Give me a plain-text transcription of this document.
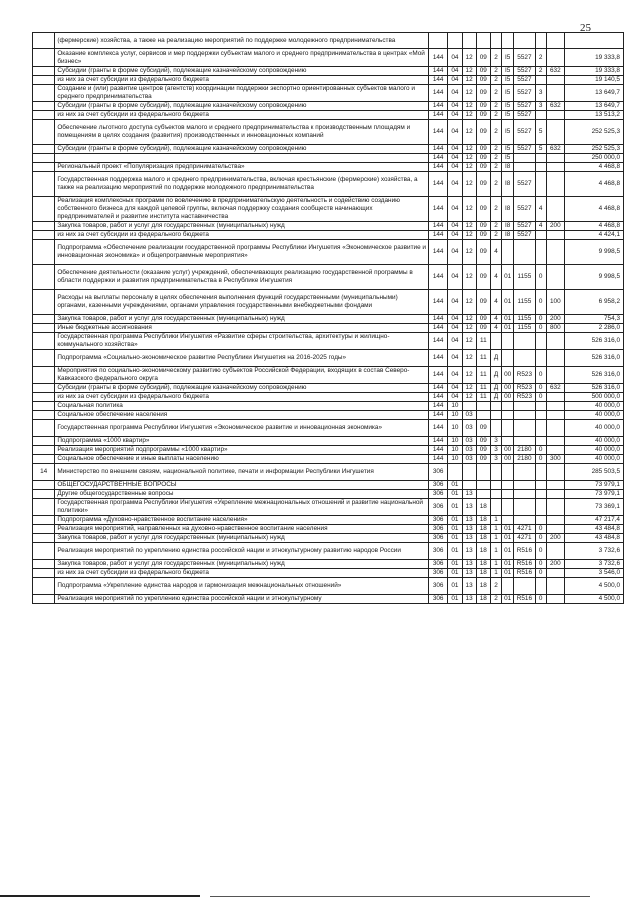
25
	(фермерские) хозяйства, а также на реализацию мероприятий по поддержке молодежного предпринимательства										
	Оказание комплекса услуг, сервисов и мер поддержки субъектам малого и среднего предпринимательства в центрах «Мой бизнес»	144	04	12	09	2	I5	5527	2		19 333,8
	Субсидии (гранты в форме субсидий), подлежащие казначейскому сопровождению	144	04	12	09	2	I5	5527	2	632	19 333,8
	из них за счет субсидии из федерального бюджета	144	04	12	09	2	I5	5527			19 140,5
	Создание и (или) развитие центров (агентств) координации поддержки экспортно ориентированных субъектов малого и среднего предпринимательства	144	04	12	09	2	I5	5527	3		13 649,7
	Субсидии (гранты в форме субсидий), подлежащие казначейскому сопровождению	144	04	12	09	2	I5	5527	3	632	13 649,7
	из них за счет субсидии из федерального бюджета	144	04	12	09	2	I5	5527			13 513,2
	Обеспечение льготного доступа субъектов малого и среднего предпринимательства к производственным площадям и помещениям в целях создания (развития) производственных и инновационных компаний	144	04	12	09	2	I5	5527	5		252 525,3
	Субсидии (гранты в форме субсидий), подлежащие казначейскому сопровождению	144	04	12	09	2	I5	5527	5	632	252 525,3
		144	04	12	09	2	I5				250 000,0
	Региональный проект «Популяризация предпринимательства»	144	04	12	09	2	I8				4 468,8
	Государственная поддержка малого и среднего предпринимательства, включая крестьянские (фермерские) хозяйства, а также на реализацию мероприятий по поддержке молодежного предпринимательства	144	04	12	09	2	I8	5527			4 468,8
	Реализация комплексных программ по вовлечению в предпринимательскую деятельность и содействию созданию собственного бизнеса для каждой целевой группы, включая поддержку создания сообществ начинающих предпринимателей и развитие института наставничества	144	04	12	09	2	I8	5527	4		4 468,8
	Закупка товаров, работ и услуг для государственных (муниципальных) нужд	144	04	12	09	2	I8	5527	4	200	4 468,8
	из них за счет субсидии из федерального бюджета	144	04	12	09	2	I8	5527			4 424,1
	Подпрограмма «Обеспечение реализации государственной программы Республики Ингушетия «Экономическое развитие и инновационная экономика» и общепрограммные мероприятия»	144	04	12	09	4					9 998,5
	Обеспечение деятельности (оказание услуг) учреждений, обеспечивающих реализацию государственной программы в области поддержки и развития предпринимательства в Республике Ингушетия	144	04	12	09	4	01	1155	0		9 998,5
	Расходы на выплаты персоналу в целях обеспечения выполнения функций государственными (муниципальными) органами, казенными учреждениями, органами управления государственными внебюджетными фондами	144	04	12	09	4	01	1155	0	100	6 958,2
	Закупка товаров, работ и услуг для государственных (муниципальных) нужд	144	04	12	09	4	01	1155	0	200	754,3
	Иные бюджетные ассигнования	144	04	12	09	4	01	1155	0	800	2 286,0
	Государственная программа Республики Ингушетия «Развитие сферы строительства, архитектуры и жилищно-коммунального хозяйства»	144	04	12	11						526 316,0
	Подпрограмма «Социально-экономическое развитие Республики Ингушетия на 2016-2025 годы»	144	04	12	11	Д					526 316,0
	Мероприятия по социально-экономическому развитию субъектов Российской Федерации, входящих в состав Северо-Кавказского федерального округа	144	04	12	11	Д	00	R523	0		526 316,0
	Субсидии (гранты в форме субсидий), подлежащие казначейскому сопровождению	144	04	12	11	Д	00	R523	0	632	526 316,0
	из них за счет субсидии из федерального бюджета	144	04	12	11	Д	00	R523	0		500 000,0
	Социальная политика	144	10								40 000,0
	Социальное обеспечение населения	144	10	03							40 000,0
	Государственная программа Республики Ингушетия «Экономическое развитие и инновационная экономика»	144	10	03	09						40 000,0
	Подпрограмма «1000 квартир»	144	10	03	09	3					40 000,0
	Реализация мероприятий подпрограммы «1000 квартир»	144	10	03	09	3	00	2180	0		40 000,0
	Социальное обеспечение и иные выплаты населению	144	10	03	09	3	00	2180	0	300	40 000,0
14	Министерство по внешним связям, национальной политике, печати и информации Республики Ингушетия	306									285 503,5
	ОБЩЕГОСУДАРСТВЕННЫЕ ВОПРОСЫ	306	01								73 979,1
	Другие общегосударственные вопросы	306	01	13							73 979,1
	Государственная программа Республики Ингушетия «Укрепление межнациональных отношений и развитие национальной политики»	306	01	13	18						73 369,1
	Подпрограмма «Духовно-нравственное воспитание населения»	306	01	13	18	1					47 217,4
	Реализация мероприятий, направленных на духовно-нравственное воспитание населения	306	01	13	18	1	01	4271	0		43 484,8
	Закупка товаров, работ и услуг для государственных (муниципальных) нужд	306	01	13	18	1	01	4271	0	200	43 484,8
	Реализация мероприятий по укреплению единства российской нации и этнокультурному развитию народов России	306	01	13	18	1	01	R516	0		3 732,6
	Закупка товаров, работ и услуг для государственных (муниципальных) нужд	306	01	13	18	1	01	R516	0	200	3 732,6
	из них за счет субсидии из федерального бюджета	306	01	13	18	1	01	R516	0		3 546,0
	Подпрограмма «Укрепление единства народов и гармонизация межнациональных отношений»	306	01	13	18	2					4 500,0
	Реализация мероприятий по укреплению единства российской нации и этнокультурному	306	01	13	18	2	01	R516	0		4 500,0
